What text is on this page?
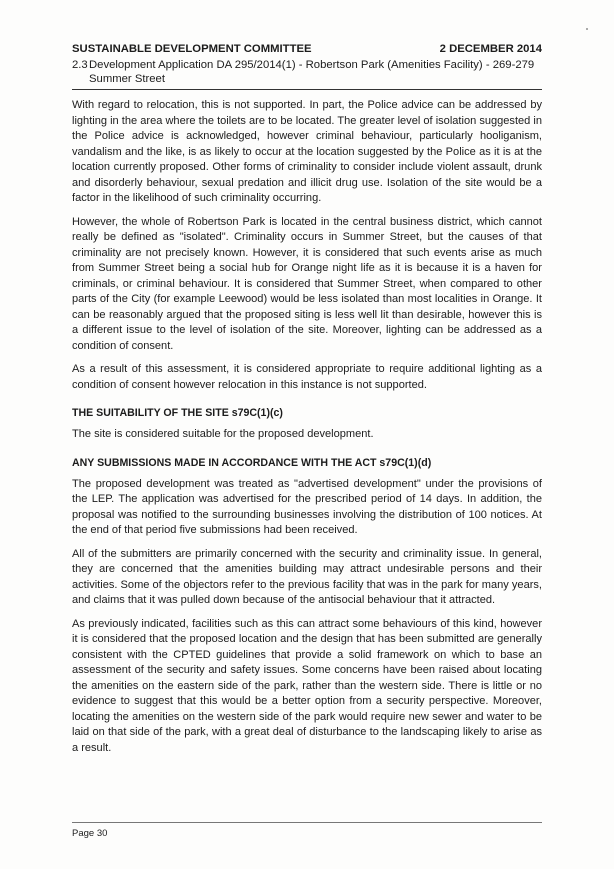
SUSTAINABLE DEVELOPMENT COMMITTEE	2 DECEMBER 2014
2.3 Development Application DA 295/2014(1) - Robertson Park (Amenities Facility) - 269-279 Summer Street

With regard to relocation, this is not supported. In part, the Police advice can be addressed by lighting in the area where the toilets are to be located. The greater level of isolation suggested in the Police advice is acknowledged, however criminal behaviour, particularly hooliganism, vandalism and the like, is as likely to occur at the location suggested by the Police as it is at the location currently proposed. Other forms of criminality to consider include violent assault, drunk and disorderly behaviour, sexual predation and illicit drug use. Isolation of the site would be a factor in the likelihood of such criminality occurring.

However, the whole of Robertson Park is located in the central business district, which cannot really be defined as "isolated". Criminality occurs in Summer Street, but the causes of that criminality are not precisely known. However, it is considered that such events arise as much from Summer Street being a social hub for Orange night life as it is because it is a haven for criminals, or criminal behaviour. It is considered that Summer Street, when compared to other parts of the City (for example Leewood) would be less isolated than most localities in Orange. It can be reasonably argued that the proposed siting is less well lit than desirable, however this is a different issue to the level of isolation of the site. Moreover, lighting can be addressed as a condition of consent.

As a result of this assessment, it is considered appropriate to require additional lighting as a condition of consent however relocation in this instance is not supported.

THE SUITABILITY OF THE SITE s79C(1)(c)

The site is considered suitable for the proposed development.

ANY SUBMISSIONS MADE IN ACCORDANCE WITH THE ACT s79C(1)(d)

The proposed development was treated as "advertised development" under the provisions of the LEP. The application was advertised for the prescribed period of 14 days. In addition, the proposal was notified to the surrounding businesses involving the distribution of 100 notices. At the end of that period five submissions had been received.

All of the submitters are primarily concerned with the security and criminality issue. In general, they are concerned that the amenities building may attract undesirable persons and their activities. Some of the objectors refer to the previous facility that was in the park for many years, and claims that it was pulled down because of the antisocial behaviour that it attracted.

As previously indicated, facilities such as this can attract some behaviours of this kind, however it is considered that the proposed location and the design that has been submitted are generally consistent with the CPTED guidelines that provide a solid framework on which to base an assessment of the security and safety issues. Some concerns have been raised about locating the amenities on the eastern side of the park, rather than the western side. There is little or no evidence to suggest that this would be a better option from a security perspective. Moreover, locating the amenities on the western side of the park would require new sewer and water to be laid on that side of the park, with a great deal of disturbance to the landscaping likely to arise as a result.

Page 30
